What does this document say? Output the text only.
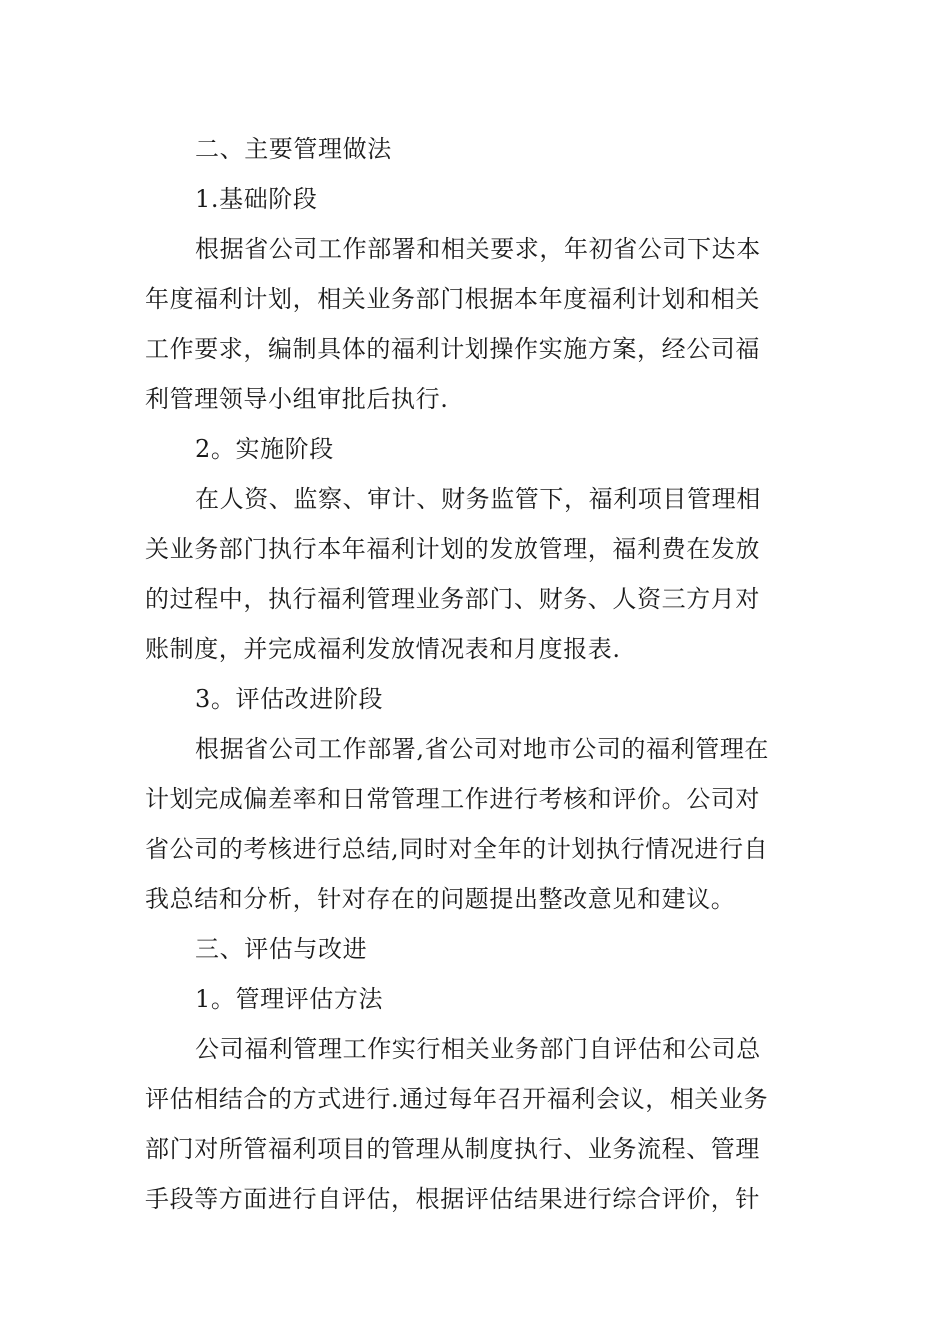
二、主要管理做法
1.基础阶段
根据省公司工作部署和相关要求，年初省公司下达本
年度福利计划，相关业务部门根据本年度福利计划和相关
工作要求，编制具体的福利计划操作实施方案，经公司福
利管理领导小组审批后执行.
2。实施阶段
在人资、监察、审计、财务监管下，福利项目管理相
关业务部门执行本年福利计划的发放管理，福利费在发放
的过程中，执行福利管理业务部门、财务、人资三方月对
账制度，并完成福利发放情况表和月度报表.
3。评估改进阶段
根据省公司工作部署,省公司对地市公司的福利管理在
计划完成偏差率和日常管理工作进行考核和评价。公司对
省公司的考核进行总结,同时对全年的计划执行情况进行自
我总结和分析，针对存在的问题提出整改意见和建议。
三、评估与改进
1。管理评估方法
公司福利管理工作实行相关业务部门自评估和公司总
评估相结合的方式进行.通过每年召开福利会议，相关业务
部门对所管福利项目的管理从制度执行、业务流程、管理
手段等方面进行自评估，根据评估结果进行综合评价，针
